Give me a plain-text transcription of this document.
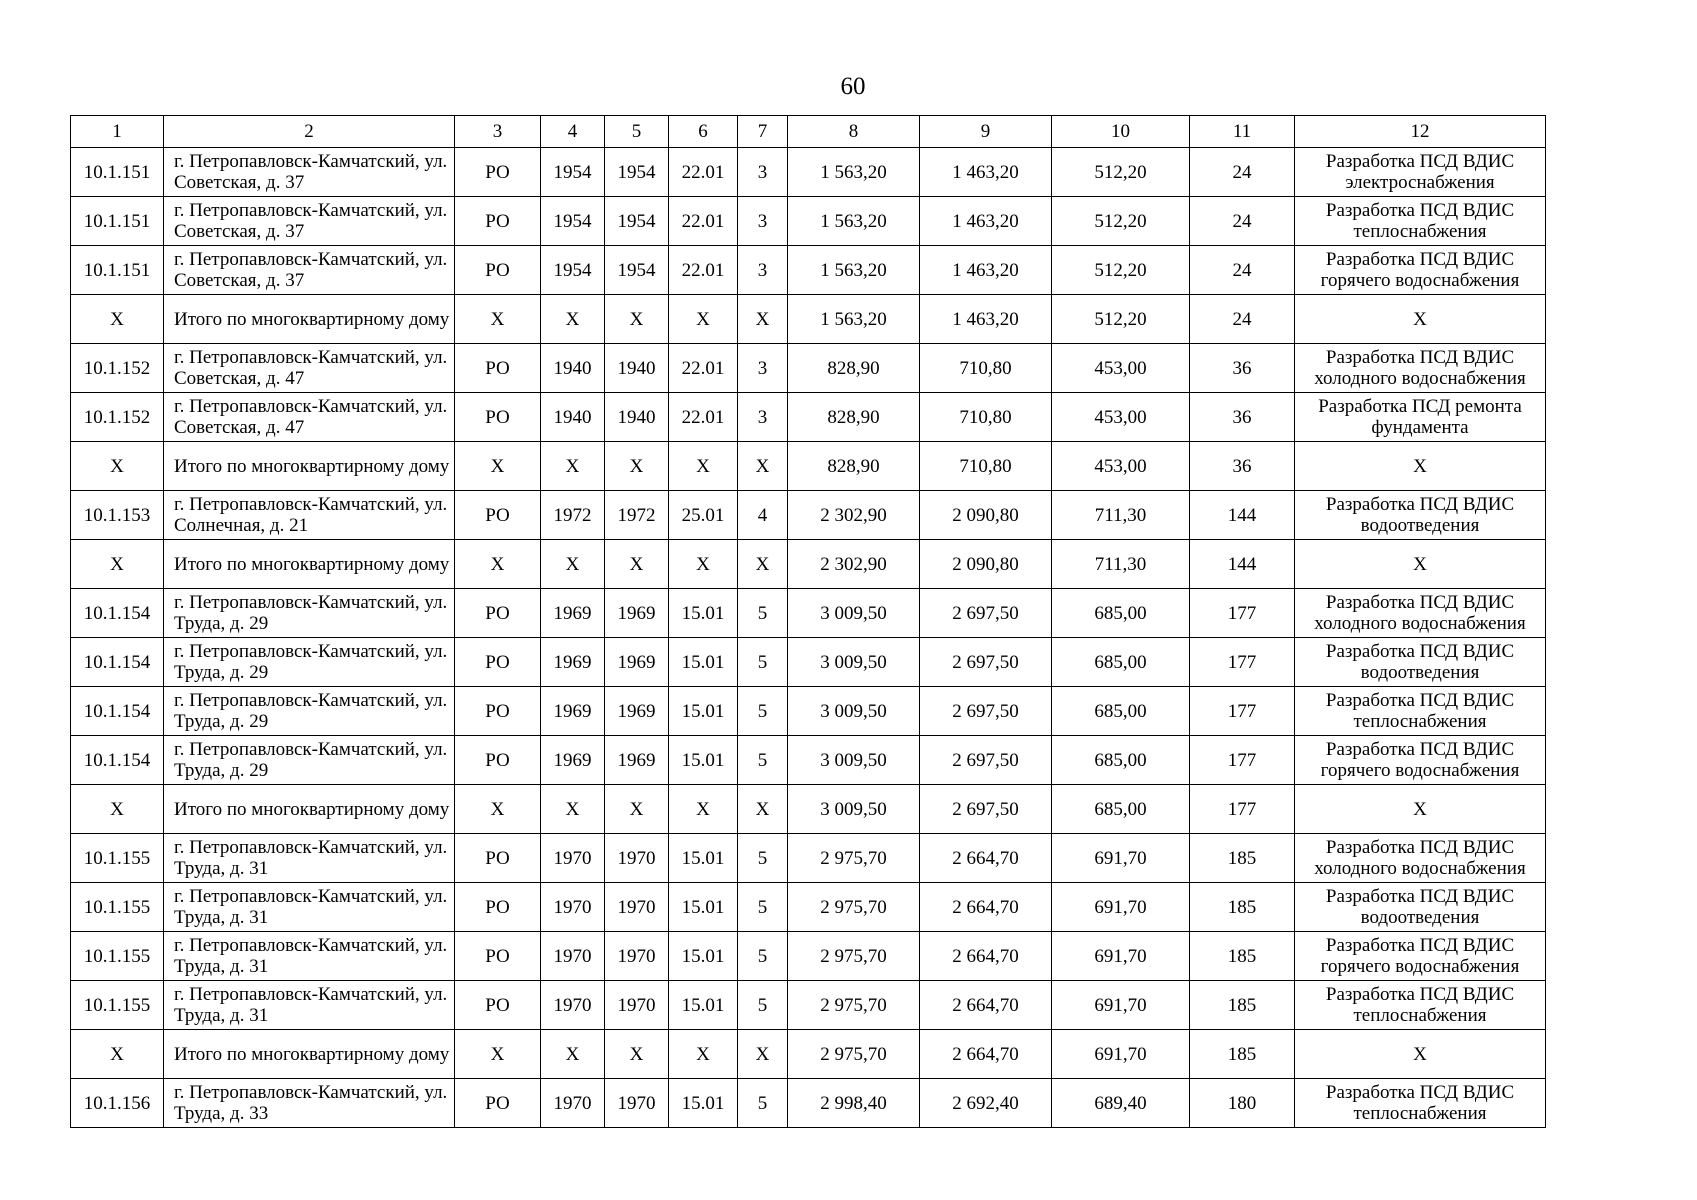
60
1	2	3	4	5	6	7	8	9	10	11	12
10.1.151	г. Петропавловск-Камчатский, ул. Советская, д. 37	РО	1954	1954	22.01	3	1 563,20	1 463,20	512,20	24	Разработка ПСД ВДИС электроснабжения
10.1.151	г. Петропавловск-Камчатский, ул. Советская, д. 37	РО	1954	1954	22.01	3	1 563,20	1 463,20	512,20	24	Разработка ПСД ВДИС теплоснабжения
10.1.151	г. Петропавловск-Камчатский, ул. Советская, д. 37	РО	1954	1954	22.01	3	1 563,20	1 463,20	512,20	24	Разработка ПСД ВДИС горячего водоснабжения
Х	Итого по многоквартирному дому	Х	Х	Х	Х	Х	1 563,20	1 463,20	512,20	24	Х
10.1.152	г. Петропавловск-Камчатский, ул. Советская, д. 47	РО	1940	1940	22.01	3	828,90	710,80	453,00	36	Разработка ПСД ВДИС холодного водоснабжения
10.1.152	г. Петропавловск-Камчатский, ул. Советская, д. 47	РО	1940	1940	22.01	3	828,90	710,80	453,00	36	Разработка ПСД ремонта фундамента
Х	Итого по многоквартирному дому	Х	Х	Х	Х	Х	828,90	710,80	453,00	36	Х
10.1.153	г. Петропавловск-Камчатский, ул. Солнечная, д. 21	РО	1972	1972	25.01	4	2 302,90	2 090,80	711,30	144	Разработка ПСД ВДИС водоотведения
Х	Итого по многоквартирному дому	Х	Х	Х	Х	Х	2 302,90	2 090,80	711,30	144	Х
10.1.154	г. Петропавловск-Камчатский, ул. Труда, д. 29	РО	1969	1969	15.01	5	3 009,50	2 697,50	685,00	177	Разработка ПСД ВДИС холодного водоснабжения
10.1.154	г. Петропавловск-Камчатский, ул. Труда, д. 29	РО	1969	1969	15.01	5	3 009,50	2 697,50	685,00	177	Разработка ПСД ВДИС водоотведения
10.1.154	г. Петропавловск-Камчатский, ул. Труда, д. 29	РО	1969	1969	15.01	5	3 009,50	2 697,50	685,00	177	Разработка ПСД ВДИС теплоснабжения
10.1.154	г. Петропавловск-Камчатский, ул. Труда, д. 29	РО	1969	1969	15.01	5	3 009,50	2 697,50	685,00	177	Разработка ПСД ВДИС горячего водоснабжения
Х	Итого по многоквартирному дому	Х	Х	Х	Х	Х	3 009,50	2 697,50	685,00	177	Х
10.1.155	г. Петропавловск-Камчатский, ул. Труда, д. 31	РО	1970	1970	15.01	5	2 975,70	2 664,70	691,70	185	Разработка ПСД ВДИС холодного водоснабжения
10.1.155	г. Петропавловск-Камчатский, ул. Труда, д. 31	РО	1970	1970	15.01	5	2 975,70	2 664,70	691,70	185	Разработка ПСД ВДИС водоотведения
10.1.155	г. Петропавловск-Камчатский, ул. Труда, д. 31	РО	1970	1970	15.01	5	2 975,70	2 664,70	691,70	185	Разработка ПСД ВДИС горячего водоснабжения
10.1.155	г. Петропавловск-Камчатский, ул. Труда, д. 31	РО	1970	1970	15.01	5	2 975,70	2 664,70	691,70	185	Разработка ПСД ВДИС теплоснабжения
Х	Итого по многоквартирному дому	Х	Х	Х	Х	Х	2 975,70	2 664,70	691,70	185	Х
10.1.156	г. Петропавловск-Камчатский, ул. Труда, д. 33	РО	1970	1970	15.01	5	2 998,40	2 692,40	689,40	180	Разработка ПСД ВДИС теплоснабжения
